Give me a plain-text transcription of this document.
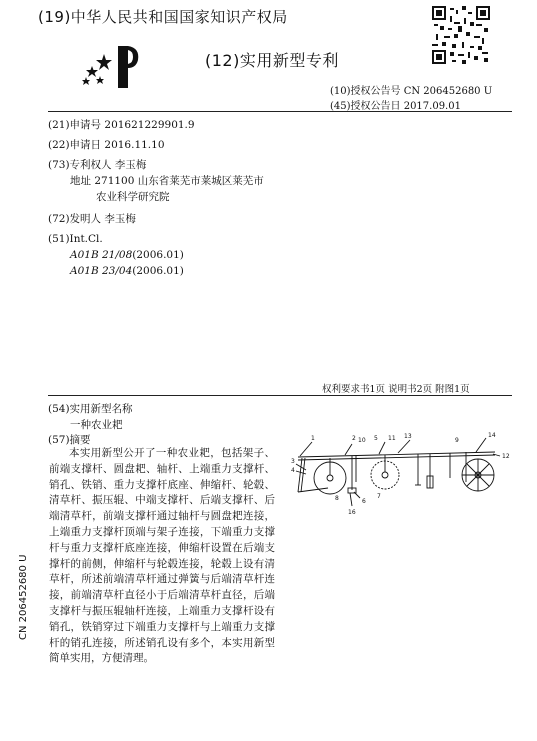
(19)中华人民共和国国家知识产权局
(12)实用新型专利
(10)授权公告号 CN 206452680 U
(45)授权公告日 2017.09.01
(21)申请号 201621229901.9
(22)申请日 2016.11.10
(73)专利权人 李玉梅
地址 271100 山东省莱芜市莱城区莱芜市
农业科学研究院
(72)发明人 李玉梅
(51)Int.Cl.
A01B 21/08(2006.01)
A01B 23/04(2006.01)
权利要求书1页 说明书2页 附图1页
(54)实用新型名称
一种农业耙
(57)摘要
本实用新型公开了一种农业耙，包括架子、前端支撑杆、圆盘耙、轴杆、上端重力支撑杆、销孔、铁销、重力支撑杆底座、伸缩杆、轮毂、清草杆、振压辊、中端支撑杆、后端支撑杆、后端清草杆，前端支撑杆通过轴杆与圆盘耙连接，上端重力支撑杆顶端与架子连接，下端重力支撑杆与重力支撑杆底座连接，伸缩杆设置在后端支撑杆的前侧，伸缩杆与轮毂连接，轮毂上设有清草杆，所述前端清草杆通过弹簧与后端清草杆连接，前端清草杆直径小于后端清草杆直径，后端支撑杆与振压辊轴杆连接，上端重力支撑杆设有销孔，铁销穿过下端重力支撑杆与上端重力支撑杆的销孔连接，所述销孔设有多个，本实用新型简单实用，方便清理。
1	2
3
4
5
6
7
8
9
10	11
12
13	14
16
CN 206452680 U
